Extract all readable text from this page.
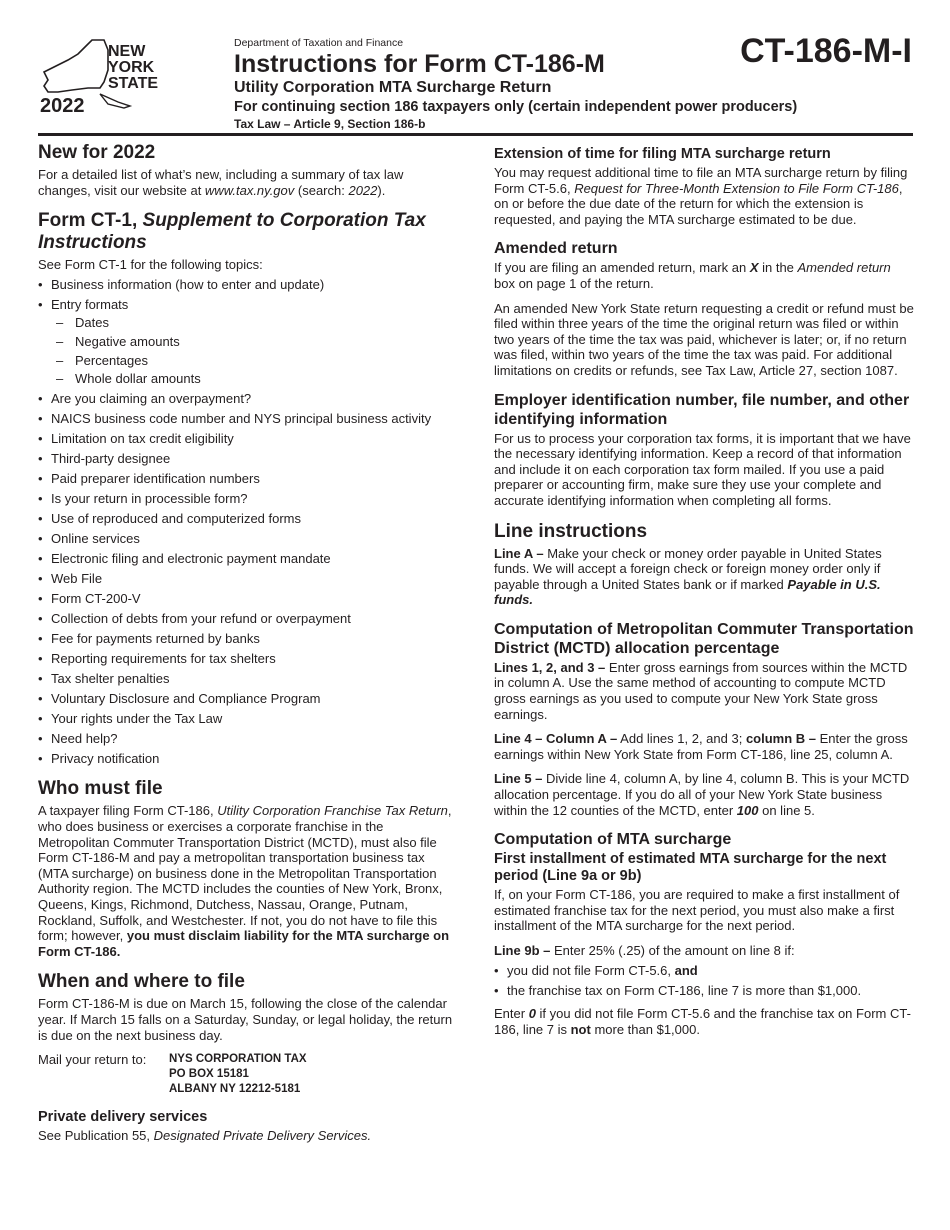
NEW
YORK
STATE
2022
Department of Taxation and Finance
Instructions for Form CT-186-M
Utility Corporation MTA Surcharge Return
For continuing section 186 taxpayers only (certain independent power producers)
Tax Law – Article 9, Section 186-b
CT-186-M-I
New for 2022

For a detailed list of what’s new, including a summary of tax law changes, visit our website at www.tax.ny.gov (search: 2022).

Form CT-1, Supplement to Corporation Tax Instructions

See Form CT-1 for the following topics:

• Business information (how to enter and update)
• Entry formats
– Dates
– Negative amounts
– Percentages
– Whole dollar amounts
• Are you claiming an overpayment?
• NAICS business code number and NYS principal business activity
• Limitation on tax credit eligibility
• Third-party designee
• Paid preparer identification numbers
• Is your return in processible form?
• Use of reproduced and computerized forms
• Online services
• Electronic filing and electronic payment mandate
• Web File
• Form CT-200-V
• Collection of debts from your refund or overpayment
• Fee for payments returned by banks
• Reporting requirements for tax shelters
• Tax shelter penalties
• Voluntary Disclosure and Compliance Program
• Your rights under the Tax Law
• Need help?
• Privacy notification
Who must file

A taxpayer filing Form CT-186, Utility Corporation Franchise Tax Return, who does business or exercises a corporate franchise in the Metropolitan Commuter Transportation District (MCTD), must also file Form CT-186-M and pay a metropolitan transportation business tax (MTA surcharge) on business done in the Metropolitan Transportation Authority region. The MCTD includes the counties of New York, Bronx, Queens, Kings, Richmond, Dutchess, Nassau, Orange, Putnam, Rockland, Suffolk, and Westchester. If not, you do not have to file this form; however, you must disclaim liability for the MTA surcharge on Form CT-186.

When and where to file

Form CT-186-M is due on March 15, following the close of the calendar year. If March 15 falls on a Saturday, Sunday, or legal holiday, the return is due on the next business day.

Mail your return to:	NYS CORPORATION TAX
PO BOX 15181
ALBANY NY 12212-5181
Private delivery services

See Publication 55, Designated Private Delivery Services.

Extension of time for filing MTA surcharge return

You may request additional time to file an MTA surcharge return by filing Form CT-5.6, Request for Three-Month Extension to File Form CT-186, on or before the due date of the return for which the extension is requested, and paying the MTA surcharge estimated to be due.

Amended return

If you are filing an amended return, mark an X in the Amended return box on page 1 of the return.

An amended New York State return requesting a credit or refund must be filed within three years of the time the original return was filed or within two years of the time the tax was paid, whichever is later; or, if no return was filed, within two years of the time the tax was paid. For additional limitations on credits or refunds, see Tax Law, Article 27, section 1087.

Employer identification number, file number, and other identifying information

For us to process your corporation tax forms, it is important that we have the necessary identifying information. Keep a record of that information and include it on each corporation tax form mailed. If you use a paid preparer or accounting firm, make sure they use your complete and accurate identifying information when completing all forms.

Line instructions

Line A – Make your check or money order payable in United States funds. We will accept a foreign check or foreign money order only if payable through a United States bank or if marked Payable in U.S. funds.

Computation of Metropolitan Commuter Transportation District (MCTD) allocation percentage

Lines 1, 2, and 3 – Enter gross earnings from sources within the MCTD in column A. Use the same method of accounting to compute MCTD gross earnings as you used to compute your New York State gross earnings.

Line 4 – Column A – Add lines 1, 2, and 3; column B – Enter the gross earnings within New York State from Form CT-186, line 25, column A.

Line 5 – Divide line 4, column A, by line 4, column B. This is your MCTD allocation percentage. If you do all of your New York State business within the 12 counties of the MCTD, enter 100 on line 5.

Computation of MTA surcharge
First installment of estimated MTA surcharge for the next period (Line 9a or 9b)

If, on your Form CT-186, you are required to make a first installment of estimated franchise tax for the next period, you must also make a first installment of the MTA surcharge for the next period.

Line 9b – Enter 25% (.25) of the amount on line 8 if:

• you did not file Form CT-5.6, and
• the franchise tax on Form CT-186, line 7 is more than $1,000.

Enter 0 if you did not file Form CT-5.6 and the franchise tax on Form CT-186, line 7 is not more than $1,000.
